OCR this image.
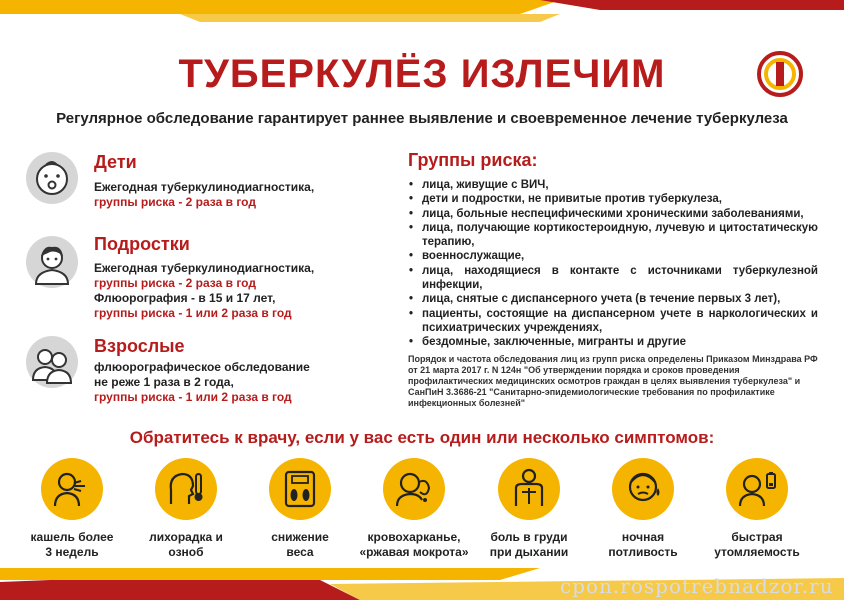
ТУБЕРКУЛЁЗ ИЗЛЕЧИМ
Регулярное обследование гарантирует раннее выявление и своевременное лечение туберкулеза
Дети
Ежегодная туберкулинодиагностика,
группы риска - 2 раза в год
Подростки
Ежегодная туберкулинодиагностика,
группы риска - 2 раза в год
Флюорография - в 15 и 17 лет,
группы риска - 1 или 2 раза в год
Взрослые
флюорографическое обследование
не реже 1 раза в 2 года,
группы риска - 1 или 2 раза в год
Группы риска:
• лица, живущие с ВИЧ,
• дети и подростки, не привитые против туберкулеза,
• лица, больные неспецифическими хроническими заболеваниями,
• лица, получающие кортикостероидную, лучевую и цитостатическую терапию,
• военнослужащие,
• лица, находящиеся в контакте с источниками туберкулезной инфекции,
• лица, снятые с диспансерного учета (в течение первых 3 лет),
• пациенты, состоящие на диспансерном учете в наркологических и психиатрических учреждениях,
• бездомные, заключенные, мигранты и другие
Порядок и частота обследования лиц из групп риска определены Приказом Минздрава РФ от 21 марта 2017 г. N 124н "Об утверждении порядка и сроков проведения профилактических медицинских осмотров граждан в целях выявления туберкулеза" и СанПиН 3.3686-21 "Санитарно-эпидемиологические требования по профилактике инфекционных болезней"
Обратитесь к врачу, если у вас есть один или несколько симптомов:
кашель более
3 недель
лихорадка и
озноб
снижение
веса
кровохарканье,
«ржавая мокрота»
боль в груди
при дыхании
ночная
потливость
быстрая
утомляемость
cpon.rospotrebnadzor.ru
